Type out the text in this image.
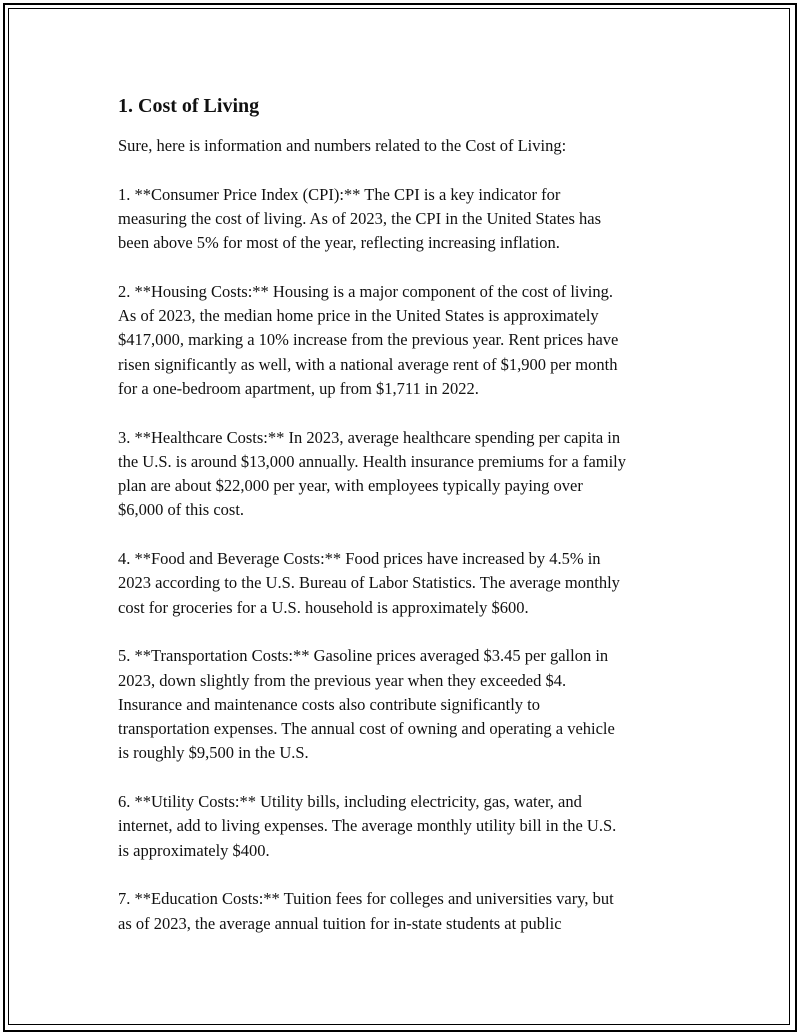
1. Cost of Living
Sure, here is information and numbers related to the Cost of Living:
1. **Consumer Price Index (CPI):** The CPI is a key indicator for
measuring the cost of living. As of 2023, the CPI in the United States has
been above 5% for most of the year, reflecting increasing inflation.
2. **Housing Costs:** Housing is a major component of the cost of living.
As of 2023, the median home price in the United States is approximately
$417,000, marking a 10% increase from the previous year. Rent prices have
risen significantly as well, with a national average rent of $1,900 per month
for a one-bedroom apartment, up from $1,711 in 2022.
3. **Healthcare Costs:** In 2023, average healthcare spending per capita in
the U.S. is around $13,000 annually. Health insurance premiums for a family
plan are about $22,000 per year, with employees typically paying over
$6,000 of this cost.
4. **Food and Beverage Costs:** Food prices have increased by 4.5% in
2023 according to the U.S. Bureau of Labor Statistics. The average monthly
cost for groceries for a U.S. household is approximately $600.
5. **Transportation Costs:** Gasoline prices averaged $3.45 per gallon in
2023, down slightly from the previous year when they exceeded $4.
Insurance and maintenance costs also contribute significantly to
transportation expenses. The annual cost of owning and operating a vehicle
is roughly $9,500 in the U.S.
6. **Utility Costs:** Utility bills, including electricity, gas, water, and
internet, add to living expenses. The average monthly utility bill in the U.S.
is approximately $400.
7. **Education Costs:** Tuition fees for colleges and universities vary, but
as of 2023, the average annual tuition for in-state students at public
